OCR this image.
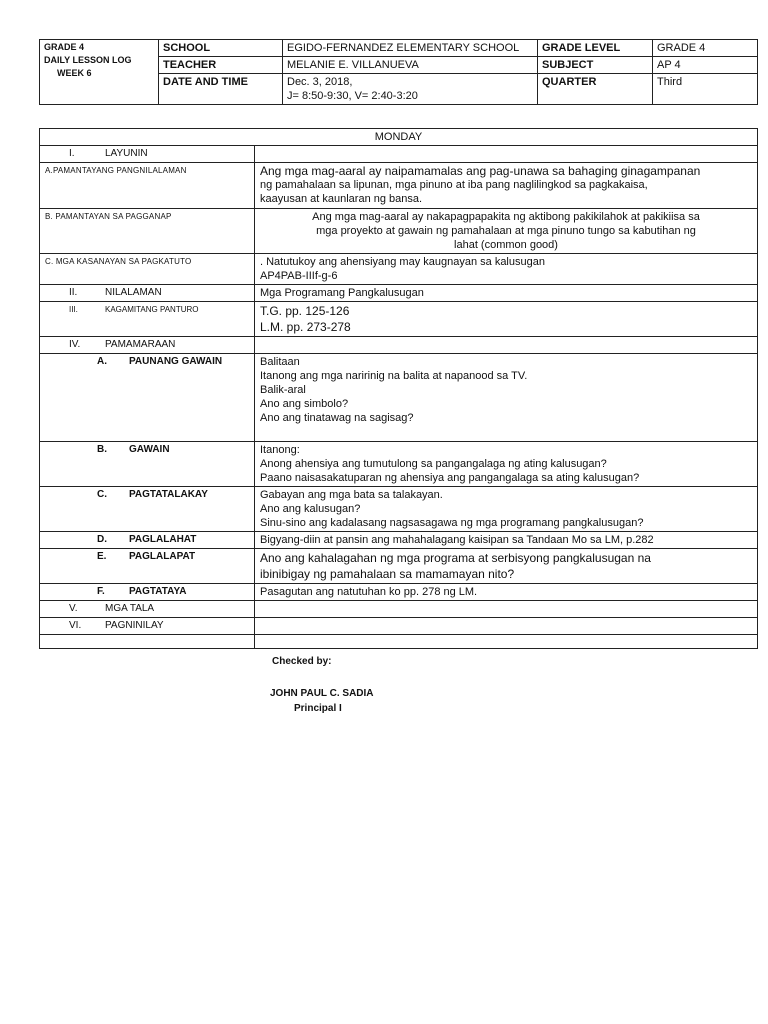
GRADE 4
DAILY LESSON LOG
WEEK 6	SCHOOL	EGIDO-FERNANDEZ ELEMENTARY SCHOOL	GRADE LEVEL	GRADE 4
	TEACHER	MELANIE E. VILLANUEVA	SUBJECT	AP 4
	DATE AND TIME	Dec. 3, 2018,
J= 8:50-9:30, V= 2:40-3:20	QUARTER	Third
MONDAY	
I. LAYUNIN	
A.PAMANTAYANG PANGNILALAMAN	Ang mga mag-aaral ay naipamamalas ang pag-unawa sa bahaging ginagampanan
ng pamahalaan sa lipunan, mga pinuno at iba pang naglilingkod sa pagkakaisa,
kaayusan at kaunlaran ng bansa.

B. PAMANTAYAN SA PAGGANAP	Ang mga mag-aaral ay nakapagpapakita ng aktibong pakikilahok at pakikiisa sa
mga proyekto at gawain ng pamahalaan at mga pinuno tungo sa kabutihan ng
lahat (common good)

C. MGA KASANAYAN SA PAGKATUTO	. Natutukoy ang ahensiyang may kaugnayan sa kalusugan
AP4PAB-IIIf-g-6

II. NILALAMAN	Mga Programang Pangkalusugan
III. KAGAMITANG PANTURO	T.G. pp. 125-126
L.M. pp. 273-278

IV. PAMAMARAAN	
A. PAUNANG GAWAIN	Balitaan
Itanong ang mga naririnig na balita at napanood sa TV.
Balik-aral
Ano ang simbolo?
Ano ang tinatawag na sagisag?

B. GAWAIN	Itanong:
Anong ahensiya ang tumutulong sa pangangalaga ng ating kalusugan?
Paano naisasakatuparan ng ahensiya ang pangangalaga sa ating kalusugan?

C. PAGTATALAKAY	Gabayan ang mga bata sa talakayan.
Ano ang kalusugan?
Sinu-sino ang kadalasang nagsasagawa ng mga programang pangkalusugan?

D. PAGLALAHAT	Bigyang-diin at pansin ang mahahalagang kaisipan sa Tandaan Mo sa LM, p.282
E. PAGLALAPAT	Ano ang kahalagahan ng mga programa at serbisyong pangkalusugan na
ibinibigay ng pamahalaan sa mamamayan nito?

F. PAGTATAYA	Pasagutan ang natutuhan ko pp. 278 ng LM.
V. MGA TALA	
VI. PAGNINILAY	

Checked by:
JOHN PAUL C. SADIA
Principal I
